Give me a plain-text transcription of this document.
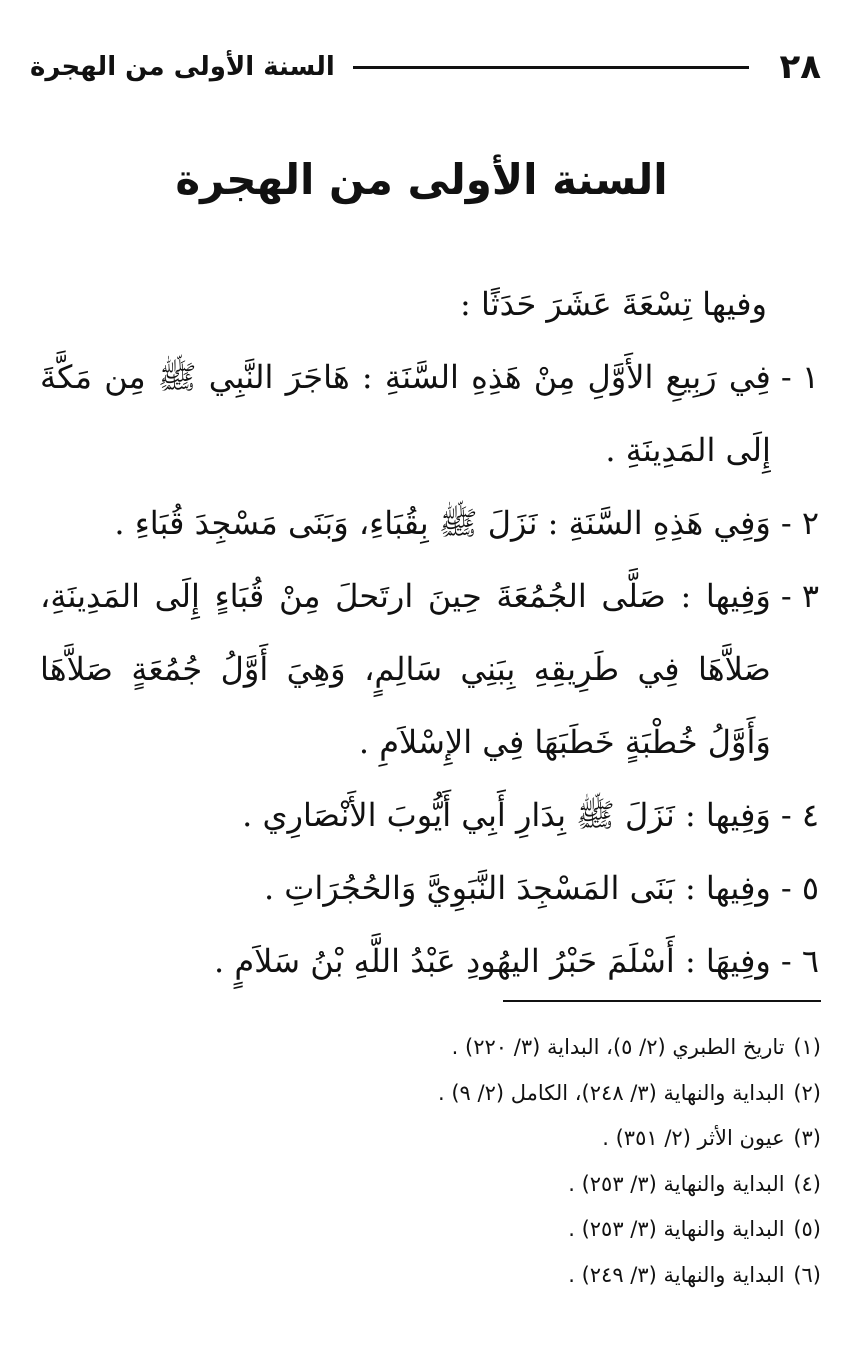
٢٨
السنة الأولى من الهجرة
السنة الأولى من الهجرة
وفيها تِسْعَةَ عَشَرَ حَدَثًا :
١ -
فِي رَبِيعِ الأَوَّلِ مِنْ هَذِهِ السَّنَةِ : هَاجَرَ النَّبِي ﷺ مِن مَكَّةَ إِلَى المَدِينَةِ .
٢ -
وَفِي هَذِهِ السَّنَةِ : نَزَلَ ﷺ بِقُبَاءِ، وَبَنَى مَسْجِدَ قُبَاءِ .
٣ -
وَفِيها : صَلَّى الجُمُعَةَ حِينَ ارتَحلَ مِنْ قُبَاءٍ إِلَى المَدِينَةِ، صَلاَّهَا فِي طَرِيقِهِ بِبَنِي سَالِمٍ، وَهِيَ أَوَّلُ جُمُعَةٍ صَلاَّهَا وَأَوَّلُ خُطْبَةٍ خَطَبَهَا فِي الإِسْلاَمِ .
٤ -
وَفِيها : نَزَلَ ﷺ بِدَارِ أَبِي أَيُّوبَ الأَنْصَارِي .
٥ -
وفِيها : بَنَى المَسْجِدَ النَّبَوِيَّ وَالحُجُرَاتِ .
٦ -
وفِيهَا : أَسْلَمَ حَبْرُ اليهُودِ عَبْدُ اللَّهِ بْنُ سَلاَمٍ .
(١) تاريخ الطبري (٢/ ٥)، البداية (٣/ ٢٢٠) .
(٢) البداية والنهاية (٣/ ٢٤٨)، الكامل (٢/ ٩) .
(٣) عيون الأثر (٢/ ٣٥١) .
(٤) البداية والنهاية (٣/ ٢٥٣) .
(٥) البداية والنهاية (٣/ ٢٥٣) .
(٦) البداية والنهاية (٣/ ٢٤٩) .
